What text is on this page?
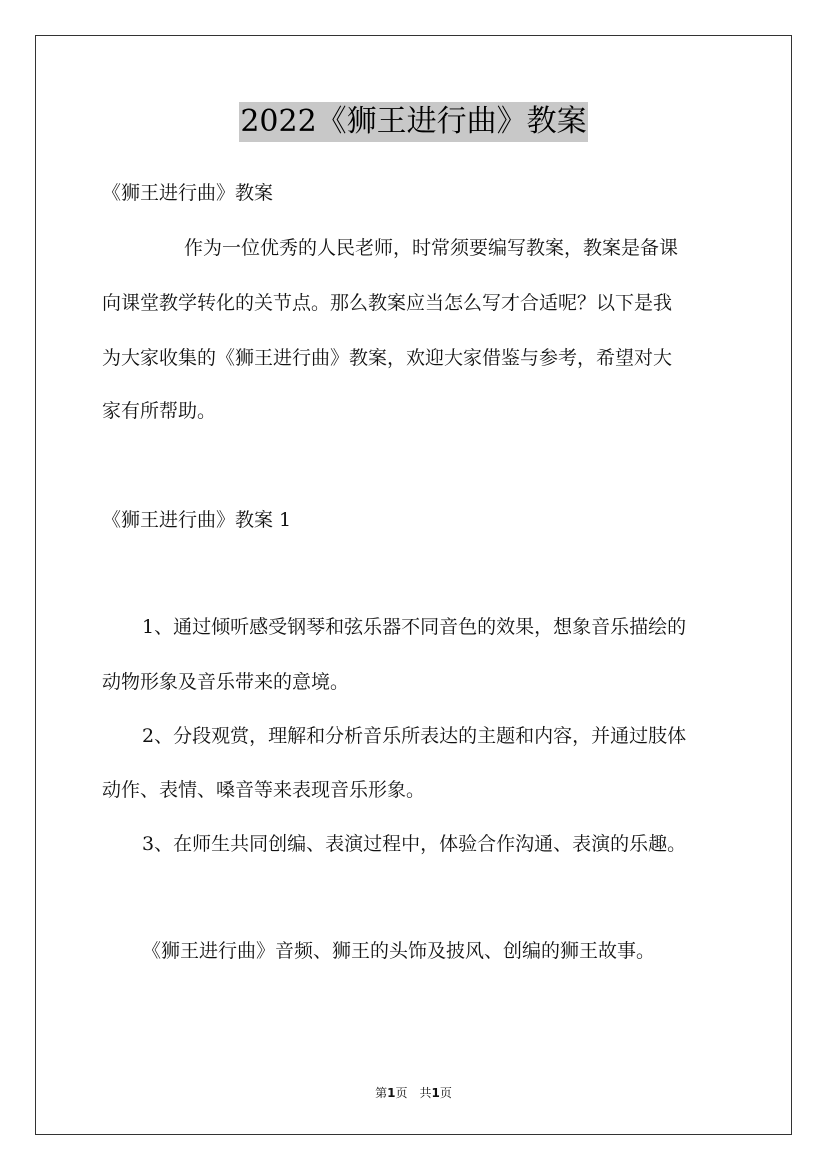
2022《狮王进行曲》教案

《狮王进行曲》教案

作为一位优秀的人民老师，时常须要编写教案，教案是备课

向课堂教学转化的关节点。那么教案应当怎么写才合适呢？以下是我

为大家收集的《狮王进行曲》教案，欢迎大家借鉴与参考，希望对大

家有所帮助。

《狮王进行曲》教案 1

1、通过倾听感受钢琴和弦乐器不同音色的效果，想象音乐描绘的

动物形象及音乐带来的意境。

2、分段观赏，理解和分析音乐所表达的主题和内容，并通过肢体

动作、表情、嗓音等来表现音乐形象。

3、在师生共同创编、表演过程中，体验合作沟通、表演的乐趣。

《狮王进行曲》音频、狮王的头饰及披风、创编的狮王故事。

第1页　共1页
